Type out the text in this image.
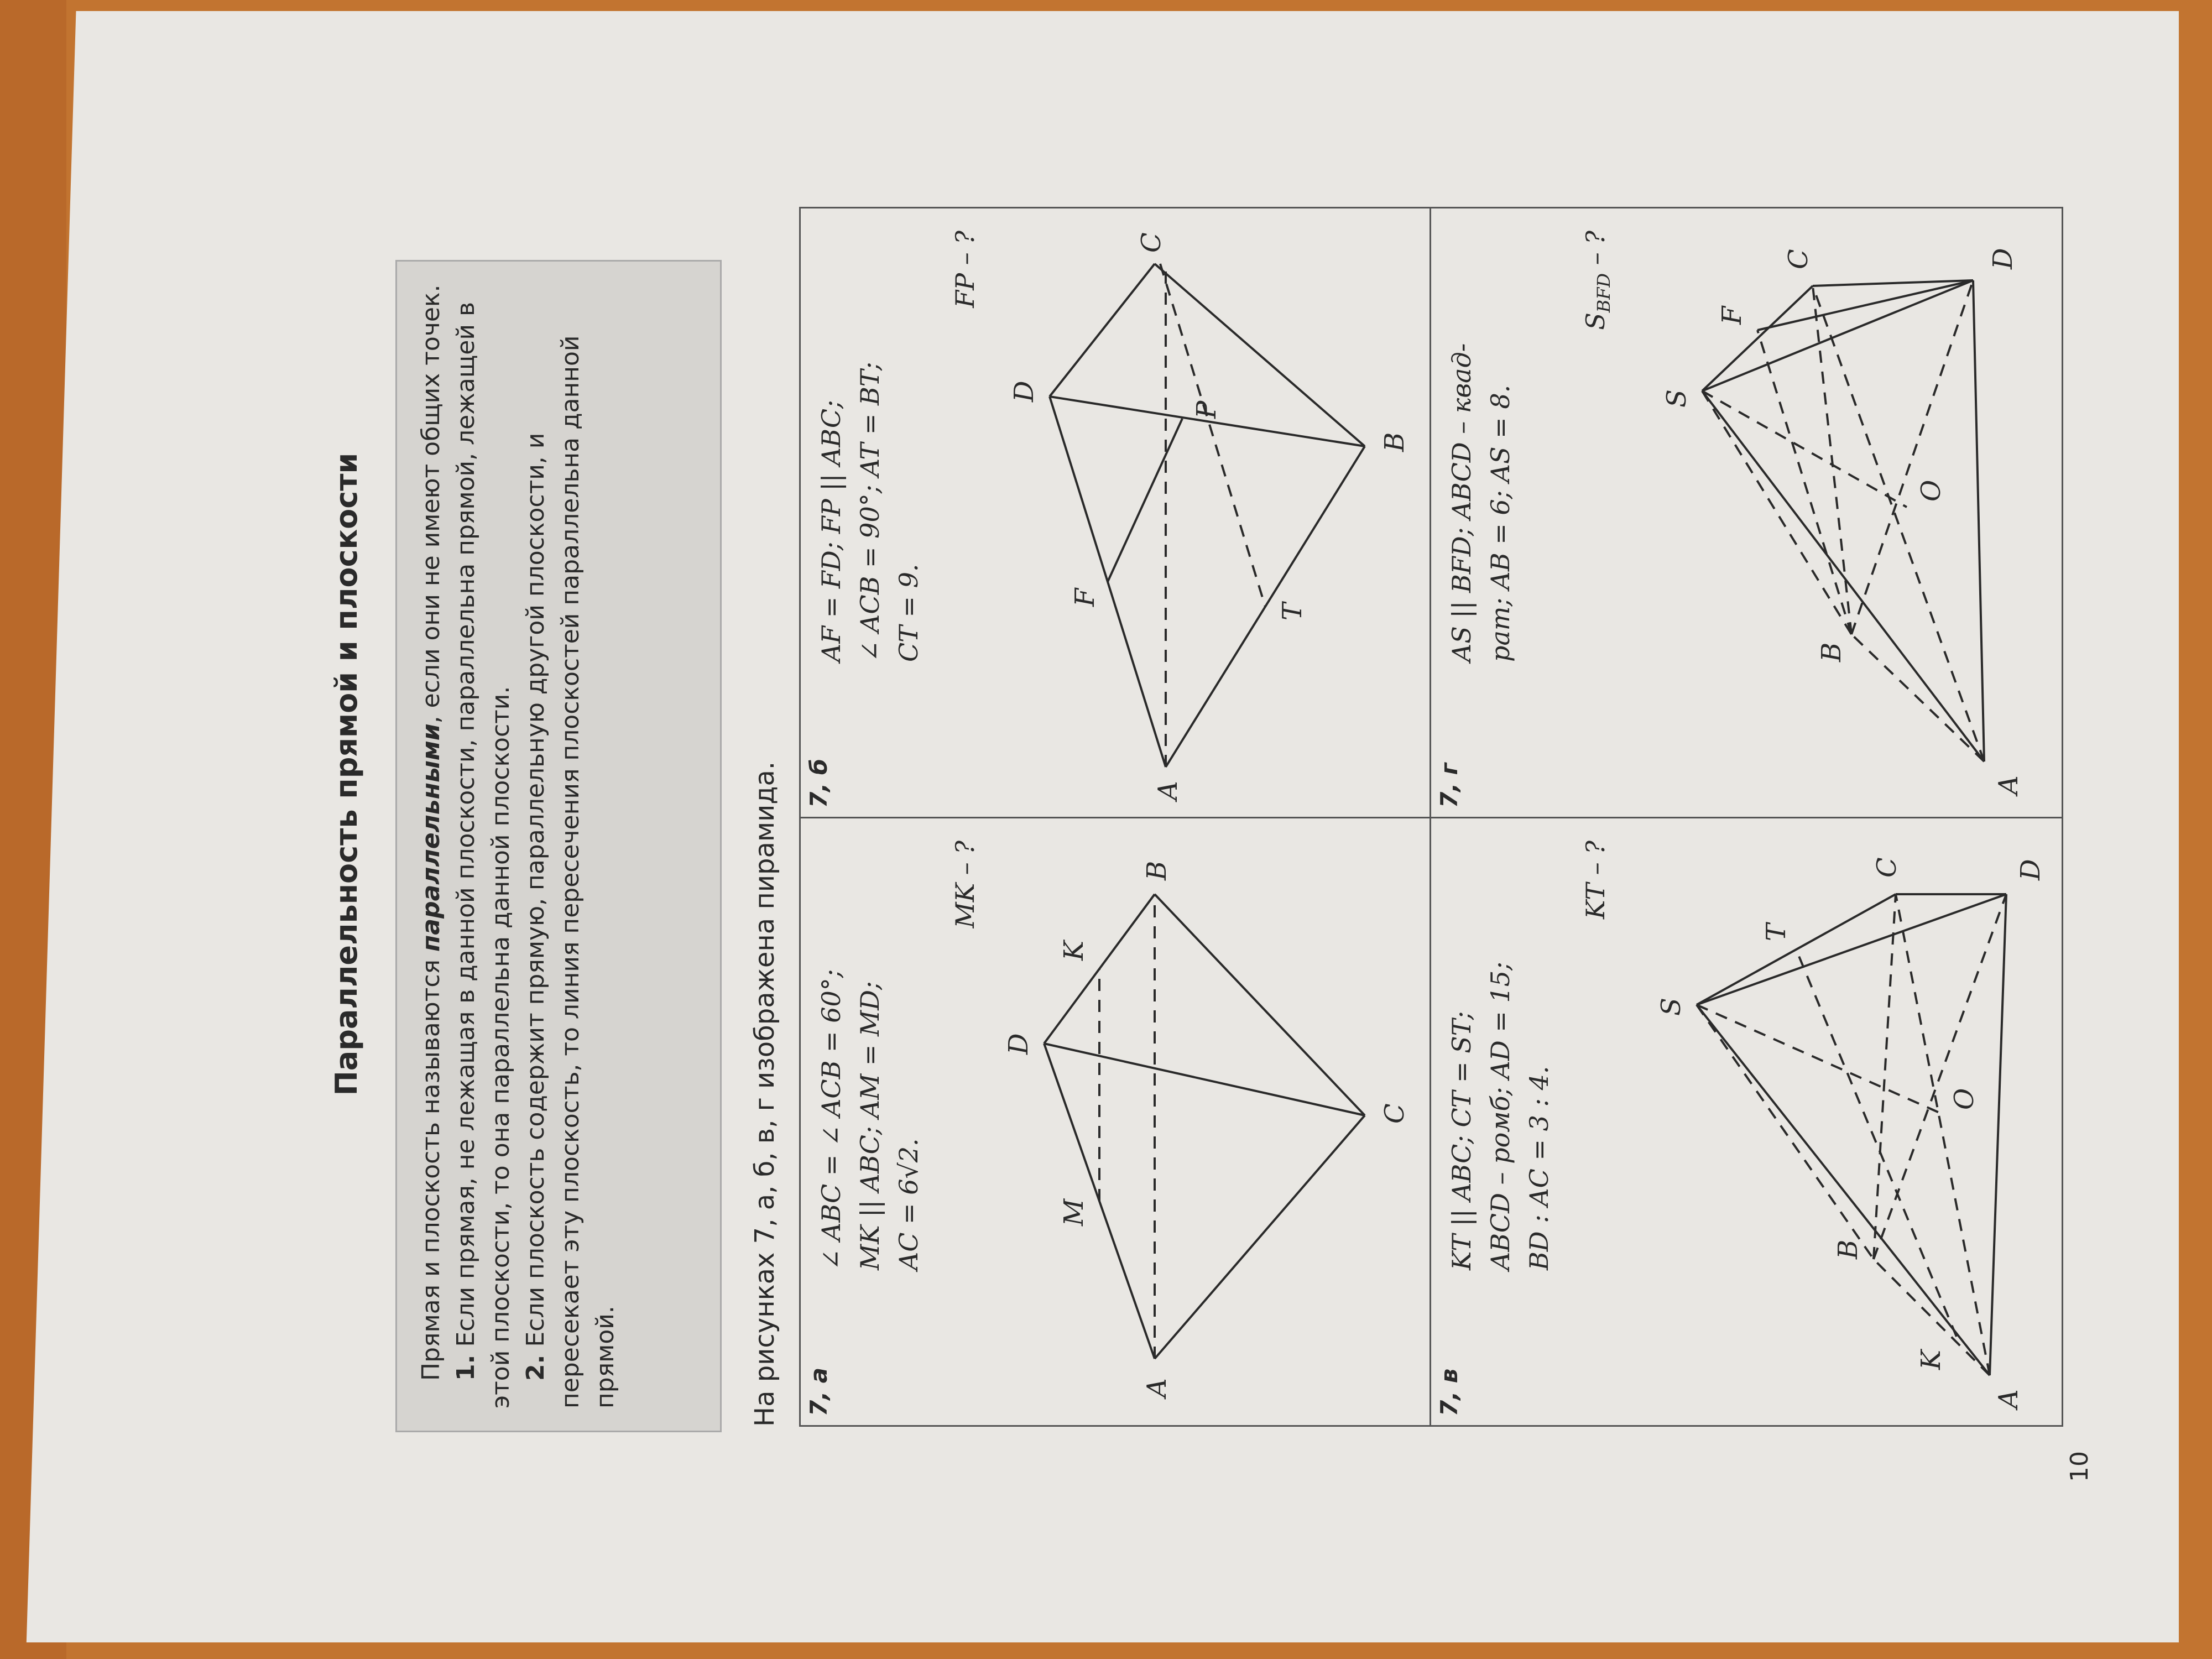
Параллельность прямой и плоскости

Прямая и плоскость называются параллельными, если они не имеют общих точек.

1. Если прямая, не лежащая в данной плоскости, параллельна прямой, лежащей в этой плоскости, то она параллельна данной плоскости. 2. Если плоскость содержит прямую, параллельную другой плоскости, и пересекает эту плоскость, то линия пересечения плоскостей параллельна данной прямой.	На рисунках 7, а, б, в, г изображена пирамида. 7, а
∠ ABC = ∠ ACB = 60°; MK || ABC; AM = MD; AC = 6√2.
MK – ?
A
B
C
D
M
K
7, б
AF = FD; FP || ABC; ∠ ACB = 90°; AT = BT; CT = 9.
FP – ?
A
B
C
D
F
P
T
7, в
KT || ABC; CT = ST; ABCD – ромб; AD = 15; BD : AC = 3 : 4.
KT – ?
A
B
C	D
S
K
T
O
7, г
AS || BFD; ABCD – квад- рат; AB = 6; AS = 8.
$S_{BFD}$ – ?
A
B
C	D
S
F
O
10
